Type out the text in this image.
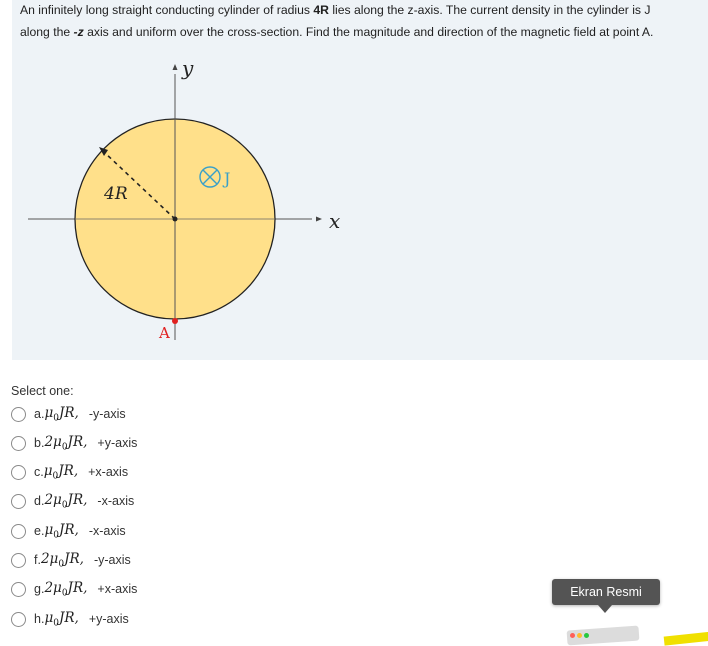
An infinitely long straight conducting cylinder of radius 4R lies along the z-axis. The current density in the cylinder is J
along the -z axis and uniform over the cross-section. Find the magnitude and direction of the magnetic field at point A.
4R
y
x
J
A
Select one:
a. $\mu_0JR$, -y-axis
b. $2\mu_0JR$, +y-axis
c. $\mu_0JR$, +x-axis
d. $2\mu_0JR$, -x-axis
e. $\mu_0JR$, -x-axis
f. $2\mu_0JR$, -y-axis
g. $2\mu_0JR$, +x-axis
h. $\mu_0JR$, +y-axis
Ekran Resmi
